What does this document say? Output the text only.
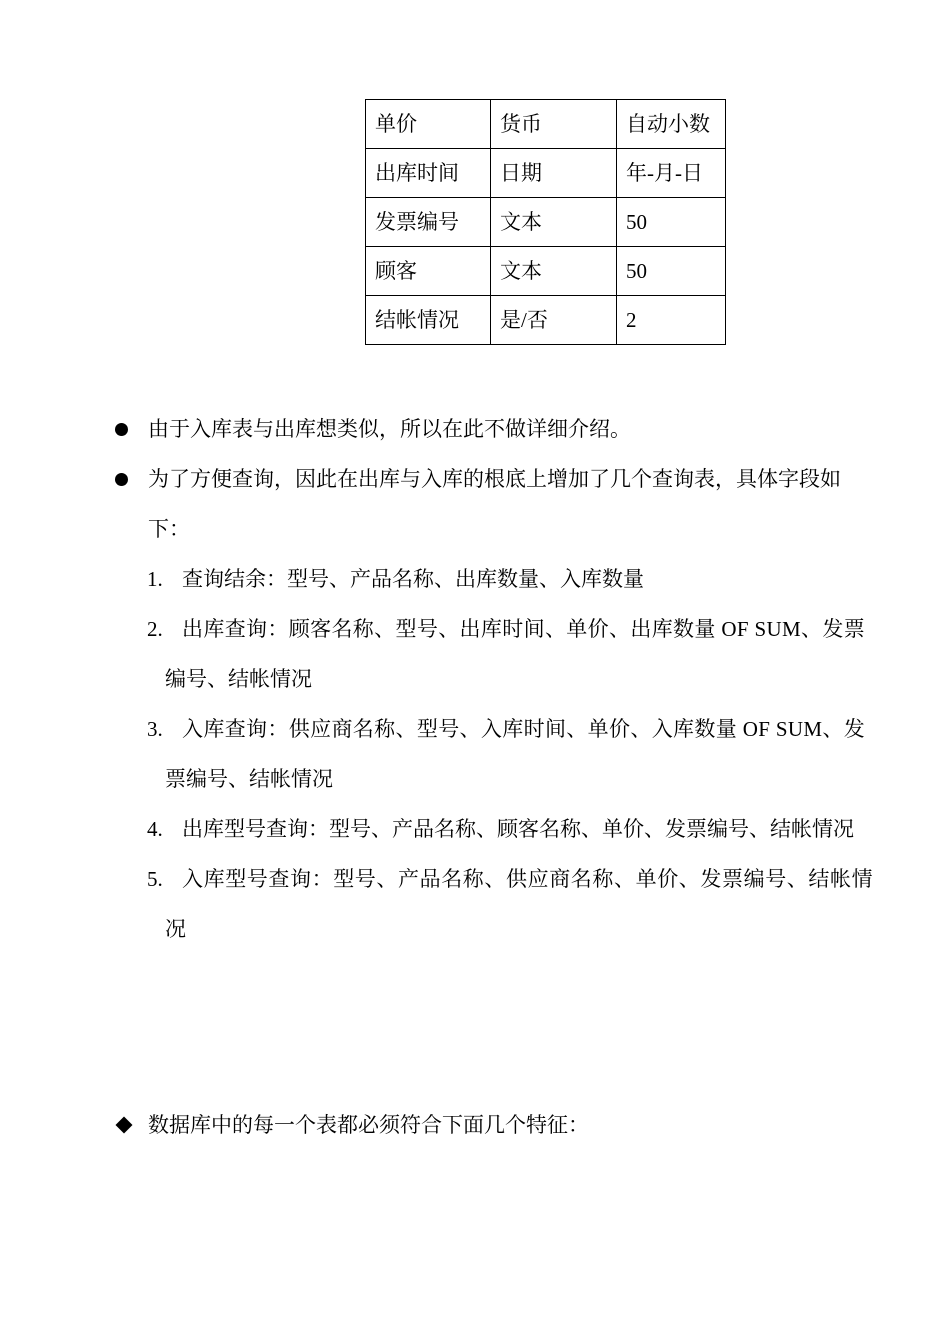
单价	货币	自动小数
出库时间	日期	年-月-日
发票编号	文本	50
顾客	文本	50
结帐情况	是/否	2
由于入库表与出库想类似，所以在此不做详细介绍。
为了方便查询，因此在出库与入库的根底上增加了几个查询表，具体字段如
下：
1. 查询结余：型号、产品名称、出库数量、入库数量
2. 出库查询：顾客名称、型号、出库时间、单价、出库数量 OF SUM、发票
编号、结帐情况
3. 入库查询：供应商名称、型号、入库时间、单价、入库数量 OF SUM、发
票编号、结帐情况
4. 出库型号查询：型号、产品名称、顾客名称、单价、发票编号、结帐情况
5. 入库型号查询：型号、产品名称、供应商名称、单价、发票编号、结帐情
况
数据库中的每一个表都必须符合下面几个特征：
